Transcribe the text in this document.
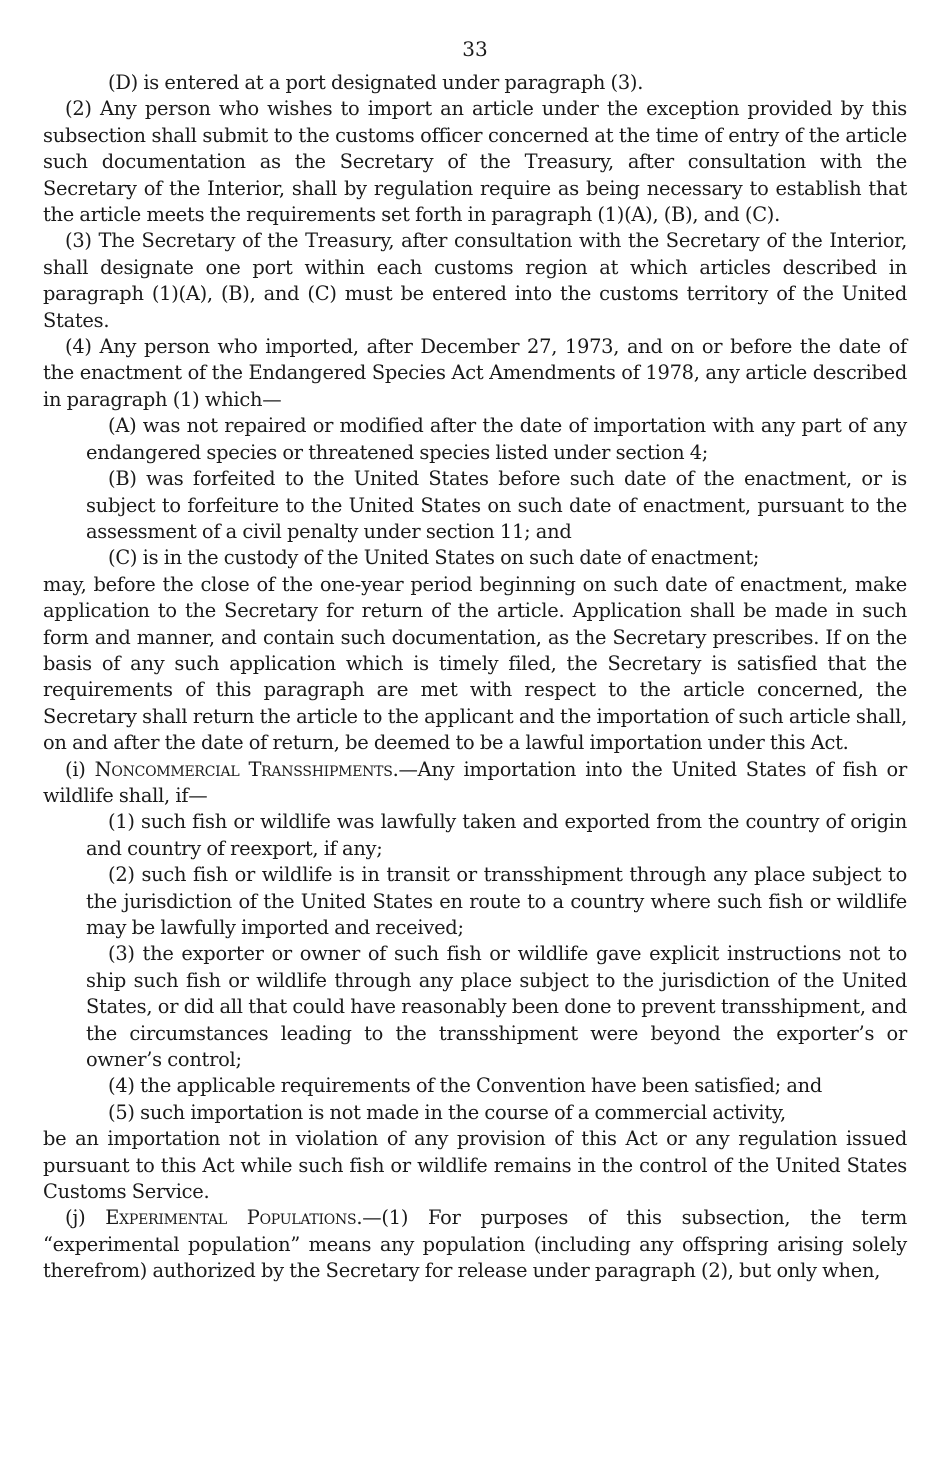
33

(D) is entered at a port designated under paragraph (3).

(2) Any person who wishes to import an article under the exception provided by this subsection shall submit to the customs officer concerned at the time of entry of the article such documentation as the Secretary of the Treasury, after consultation with the Secretary of the Interior, shall by regulation require as being necessary to establish that the article meets the requirements set forth in paragraph (1)(A), (B), and (C).

(3) The Secretary of the Treasury, after consultation with the Secretary of the Interior, shall designate one port within each customs region at which articles described in paragraph (1)(A), (B), and (C) must be entered into the customs territory of the United States.

(4) Any person who imported, after December 27, 1973, and on or before the date of the enactment of the Endangered Species Act Amendments of 1978, any article described in paragraph (1) which—

(A) was not repaired or modified after the date of importation with any part of any endangered species or threatened species listed under section 4;

(B) was forfeited to the United States before such date of the enactment, or is subject to forfeiture to the United States on such date of enactment, pursuant to the assessment of a civil penalty under section 11; and

(C) is in the custody of the United States on such date of enactment;

may, before the close of the one-year period beginning on such date of enactment, make application to the Secretary for return of the article. Application shall be made in such form and manner, and contain such documentation, as the Secretary prescribes. If on the basis of any such application which is timely filed, the Secretary is satisfied that the requirements of this paragraph are met with respect to the article concerned, the Secretary shall return the article to the applicant and the importation of such article shall, on and after the date of return, be deemed to be a lawful importation under this Act.

(i) Noncommercial Transshipments.—Any importation into the United States of fish or wildlife shall, if—

(1) such fish or wildlife was lawfully taken and exported from the country of origin and country of reexport, if any;

(2) such fish or wildlife is in transit or transshipment through any place subject to the jurisdiction of the United States en route to a country where such fish or wildlife may be lawfully imported and received;

(3) the exporter or owner of such fish or wildlife gave explicit instructions not to ship such fish or wildlife through any place subject to the jurisdiction of the United States, or did all that could have reasonably been done to prevent transshipment, and the circumstances leading to the transshipment were beyond the exporter’s or owner’s control;

(4) the applicable requirements of the Convention have been satisfied; and

(5) such importation is not made in the course of a commercial activity,

be an importation not in violation of any provision of this Act or any regulation issued pursuant to this Act while such fish or wildlife remains in the control of the United States Customs Service.

(j) Experimental Populations.—(1) For purposes of this subsection, the term “experimental population” means any population (including any offspring arising solely therefrom) authorized by the Secretary for release under paragraph (2), but only when,
